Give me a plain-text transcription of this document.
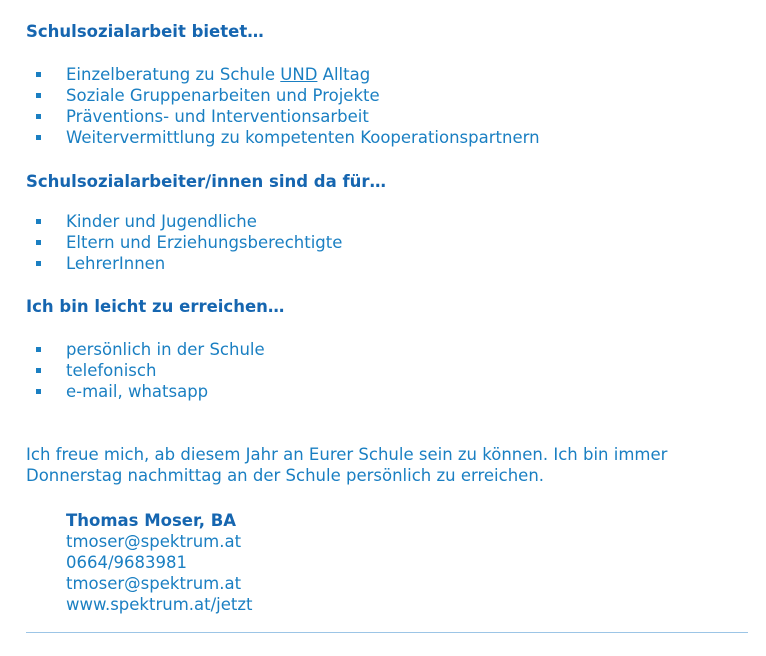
Schulsozialarbeit bietet…
Einzelberatung zu Schule UND Alltag
Soziale Gruppenarbeiten und Projekte
Präventions- und Interventionsarbeit
Weitervermittlung zu kompetenten Kooperationspartnern
Schulsozialarbeiter/innen sind da für…
Kinder und Jugendliche
Eltern und Erziehungsberechtigte
LehrerInnen
Ich bin leicht zu erreichen…
persönlich in der Schule
telefonisch
e-mail, whatsapp

Ich freue mich, ab diesem Jahr an Eurer Schule sein zu können. Ich bin immer Donnerstag nachmittag an der Schule persönlich zu erreichen.

Thomas Moser, BA
tmoser@spektrum.at
0664/9683981
tmoser@spektrum.at
www.spektrum.at/jetzt
